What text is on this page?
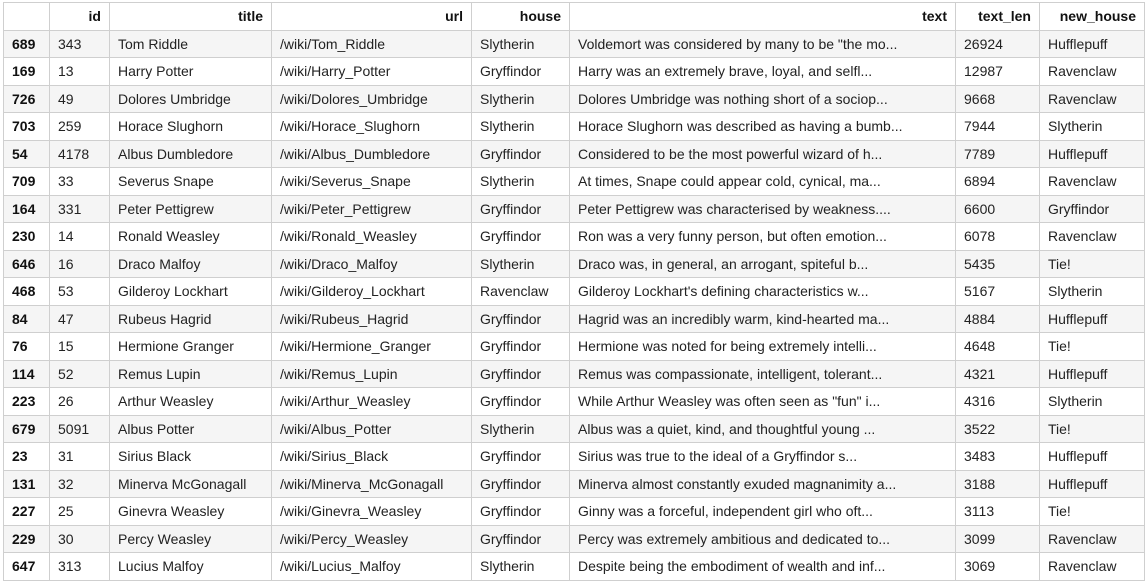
	id	title	url	house	text	text_len	new_house
689	343	Tom Riddle	/wiki/Tom_Riddle	Slytherin	Voldemort was considered by many to be "the mo...	26924	Hufflepuff
169	13	Harry Potter	/wiki/Harry_Potter	Gryffindor	Harry was an extremely brave, loyal, and selfl...	12987	Ravenclaw
726	49	Dolores Umbridge	/wiki/Dolores_Umbridge	Slytherin	Dolores Umbridge was nothing short of a sociop...	9668	Ravenclaw
703	259	Horace Slughorn	/wiki/Horace_Slughorn	Slytherin	Horace Slughorn was described as having a bumb...	7944	Slytherin
54	4178	Albus Dumbledore	/wiki/Albus_Dumbledore	Gryffindor	Considered to be the most powerful wizard of h...	7789	Hufflepuff
709	33	Severus Snape	/wiki/Severus_Snape	Slytherin	At times, Snape could appear cold, cynical, ma...	6894	Ravenclaw
164	331	Peter Pettigrew	/wiki/Peter_Pettigrew	Gryffindor	Peter Pettigrew was characterised by weakness....	6600	Gryffindor
230	14	Ronald Weasley	/wiki/Ronald_Weasley	Gryffindor	Ron was a very funny person, but often emotion...	6078	Ravenclaw
646	16	Draco Malfoy	/wiki/Draco_Malfoy	Slytherin	Draco was, in general, an arrogant, spiteful b...	5435	Tie!
468	53	Gilderoy Lockhart	/wiki/Gilderoy_Lockhart	Ravenclaw	Gilderoy Lockhart's defining characteristics w...	5167	Slytherin
84	47	Rubeus Hagrid	/wiki/Rubeus_Hagrid	Gryffindor	Hagrid was an incredibly warm, kind-hearted ma...	4884	Hufflepuff
76	15	Hermione Granger	/wiki/Hermione_Granger	Gryffindor	Hermione was noted for being extremely intelli...	4648	Tie!
114	52	Remus Lupin	/wiki/Remus_Lupin	Gryffindor	Remus was compassionate, intelligent, tolerant...	4321	Hufflepuff
223	26	Arthur Weasley	/wiki/Arthur_Weasley	Gryffindor	While Arthur Weasley was often seen as "fun" i...	4316	Slytherin
679	5091	Albus Potter	/wiki/Albus_Potter	Slytherin	Albus was a quiet, kind, and thoughtful young ...	3522	Tie!
23	31	Sirius Black	/wiki/Sirius_Black	Gryffindor	Sirius was true to the ideal of a Gryffindor s...	3483	Hufflepuff
131	32	Minerva McGonagall	/wiki/Minerva_McGonagall	Gryffindor	Minerva almost constantly exuded magnanimity a...	3188	Hufflepuff
227	25	Ginevra Weasley	/wiki/Ginevra_Weasley	Gryffindor	Ginny was a forceful, independent girl who oft...	3113	Tie!
229	30	Percy Weasley	/wiki/Percy_Weasley	Gryffindor	Percy was extremely ambitious and dedicated to...	3099	Ravenclaw
647	313	Lucius Malfoy	/wiki/Lucius_Malfoy	Slytherin	Despite being the embodiment of wealth and inf...	3069	Ravenclaw
